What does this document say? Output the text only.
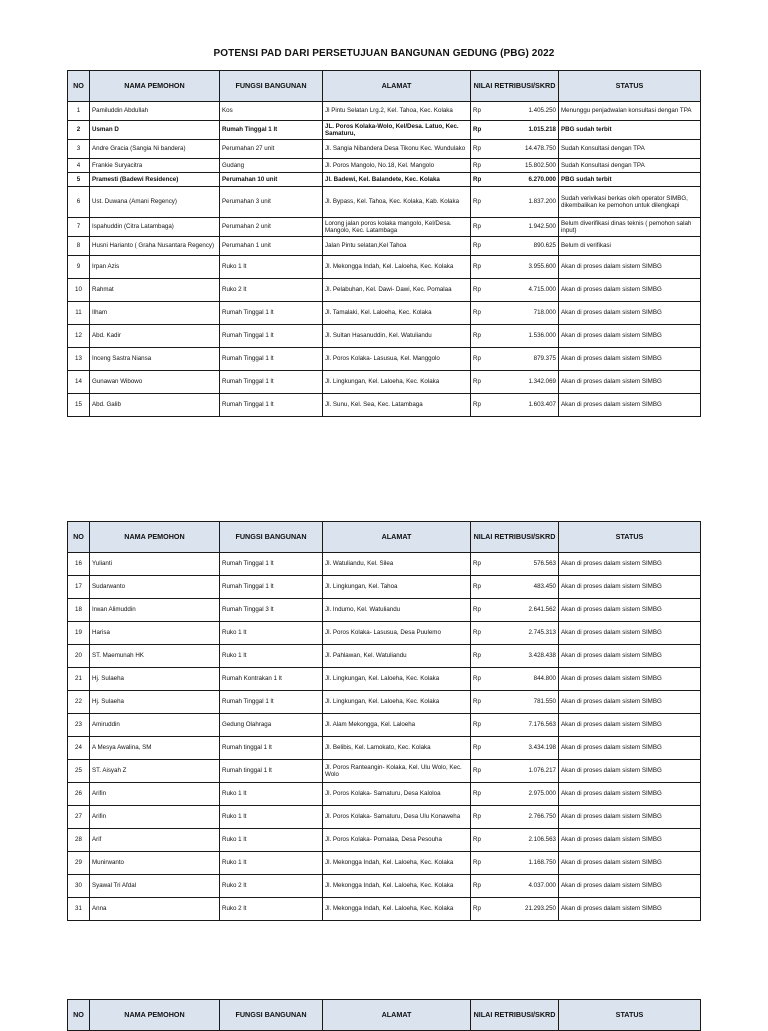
POTENSI PAD DARI PERSETUJUAN BANGUNAN GEDUNG (PBG) 2022
NO	NAMA PEMOHON	FUNGSI BANGUNAN	ALAMAT	NILAI RETRIBUSI/SKRD		STATUS
1	Pamiluddin Abdullah	Kos	Jl Pintu Selatan Lrg.2, Kel. Tahoa, Kec. Kolaka	Rp	1.405.250	Menunggu penjadwalan konsultasi dengan TPA
2	Usman D	Rumah Tinggal 1 lt	JL. Poros Kolaka-Wolo, Kel/Desa. Latuo, Kec. Samaturu,	Rp	1.015.218	PBG sudah terbit
3	Andre Gracia (Sangia Ni bandera)	Perumahan 27 unit	Jl. Sangia Nibandera Desa Tikonu Kec. Wundulako	Rp	14.478.750	Sudah Konsultasi dengan TPA
4	Frankie Suryacitra	Gudang	Jl. Poros Mangolo, No.18, Kel. Mangolo	Rp	15.802.500	Sudah Konsultasi dengan TPA
5	Pramesti (Badewi Residence)	Perumahan 10 unit	Jl. Badewi, Kel. Balandete, Kec. Kolaka	Rp	6.270.000	PBG sudah terbit
6	Ust. Duwana (Amani Regency)	Perumahan 3 unit	Jl. Bypass, Kel. Tahoa, Kec. Kolaka, Kab. Kolaka	Rp	1.837.200	Sudah verivikasi berkas oleh operator SIMBG, dikembalikan ke pemohon untuk dilengkapi
7	Ispahuddin (Citra Latambaga)	Perumahan 2 unit	Lorong jalan poros kolaka mangolo, Kel/Desa. Mangolo, Kec. Latambaga	Rp	1.942.500	Belum diverifikasi dinas teknis ( pemohon salah input)
8	Husni Harianto ( Graha Nusantara Regency)	Perumahan 1 unit	Jalan Pintu selatan,Kel Tahoa	Rp	890.625	Belum di verifikasi
9	Irpan Azis	Ruko 1 lt	Jl. Mekongga Indah, Kel. Laloeha, Kec. Kolaka	Rp	3.955.600	Akan di proses dalam sistem SIMBG
10	Rahmat	Ruko 2 lt	Jl. Pelabuhan, Kel. Dawi- Dawi, Kec. Pomalaa	Rp	4.715.000	Akan di proses dalam sistem SIMBG
11	Ilham	Rumah Tinggal 1 lt	Jl. Tamalaki, Kel. Laloeha, Kec. Kolaka	Rp	718.000	Akan di proses dalam sistem SIMBG
12	Abd. Kadir	Rumah Tinggal 1 lt	Jl. Sultan Hasanuddin, Kel. Watuliandu	Rp	1.536.000	Akan di proses dalam sistem SIMBG
13	Inceng Sastra Niansa	Rumah Tinggal 1 lt	Jl. Poros Kolaka- Lasusua, Kel. Manggolo	Rp	879.375	Akan di proses dalam sistem SIMBG
14	Gunawan Wibowo	Rumah Tinggal 1 lt	Jl. Lingkungan, Kel. Laloeha, Kec. Kolaka	Rp	1.342.069	Akan di proses dalam sistem SIMBG
15	Abd. Galib	Rumah Tinggal 1 lt	Jl. Sunu, Kel. Sea, Kec. Latambaga	Rp	1.603.407	Akan di proses dalam sistem SIMBG
NO	NAMA PEMOHON	FUNGSI BANGUNAN	ALAMAT	NILAI RETRIBUSI/SKRD		STATUS
16	Yulianti	Rumah Tinggal 1 lt	Jl. Watuliandu, Kel. Silea	Rp	576.563	Akan di proses dalam sistem SIMBG
17	Sudarwanto	Rumah Tinggal 1 lt	Jl. Lingkungan, Kel. Tahoa	Rp	483.450	Akan di proses dalam sistem SIMBG
18	Irwan Alimuddin	Rumah Tinggal 3 lt	Jl. Indumo, Kel. Watuliandu	Rp	2.641.562	Akan di proses dalam sistem SIMBG
19	Harisa	Ruko 1 lt	Jl. Poros Kolaka- Lasusua, Desa Puulemo	Rp	2.745.313	Akan di proses dalam sistem SIMBG
20	ST. Maemunah HK	Ruko 1 lt	Jl. Pahlawan, Kel. Watuliandu	Rp	3.428.438	Akan di proses dalam sistem SIMBG
21	Hj. Sulaeha	Rumah Kontrakan 1 lt	Jl. Lingkungan, Kel. Laloeha, Kec. Kolaka	Rp	844.800	Akan di proses dalam sistem SIMBG
22	Hj. Sulaeha	Rumah Tinggal 1 lt	Jl. Lingkungan, Kel. Laloeha, Kec. Kolaka	Rp	781.550	Akan di proses dalam sistem SIMBG
23	Amiruddin	Gedung Olahraga	Jl. Alam Mekongga, Kel. Laloeha	Rp	7.176.563	Akan di proses dalam sistem SIMBG
24	A Mesya Awalina, SM	Rumah tinggal 1 lt	Jl. Belibis, Kel. Lamokato, Kec. Kolaka	Rp	3.434.198	Akan di proses dalam sistem SIMBG
25	ST. Aisyah Z	Rumah tinggal 1 lt	Jl. Poros Ranteangin- Kolaka, Kel. Ulu Wolo, Kec. Wolo	Rp	1.076.217	Akan di proses dalam sistem SIMBG
26	Arifin	Ruko 1 lt	Jl. Poros Kolaka- Samaturu, Desa Kaloloa	Rp	2.975.000	Akan di proses dalam sistem SIMBG
27	Arifin	Ruko 1 lt	Jl. Poros Kolaka- Samaturu, Desa Ulu Konaweha	Rp	2.766.750	Akan di proses dalam sistem SIMBG
28	Arif	Ruko 1 lt	Jl. Poros Kolaka- Pomalaa, Desa Pesouha	Rp	2.106.563	Akan di proses dalam sistem SIMBG
29	Munirwanto	Ruko 1 lt	Jl. Mekongga Indah, Kel. Laloeha, Kec. Kolaka	Rp	1.168.750	Akan di proses dalam sistem SIMBG
30	Syawal Tri Afdal	Ruko 2 lt	Jl. Mekongga Indah, Kel. Laloeha, Kec. Kolaka	Rp	4.037.000	Akan di proses dalam sistem SIMBG
31	Anna	Ruko 2 lt	Jl. Mekongga Indah, Kel. Laloeha, Kec. Kolaka	Rp	21.293.250	Akan di proses dalam sistem SIMBG
NO	NAMA PEMOHON	FUNGSI BANGUNAN	ALAMAT	NILAI RETRIBUSI/SKRD	STATUS
